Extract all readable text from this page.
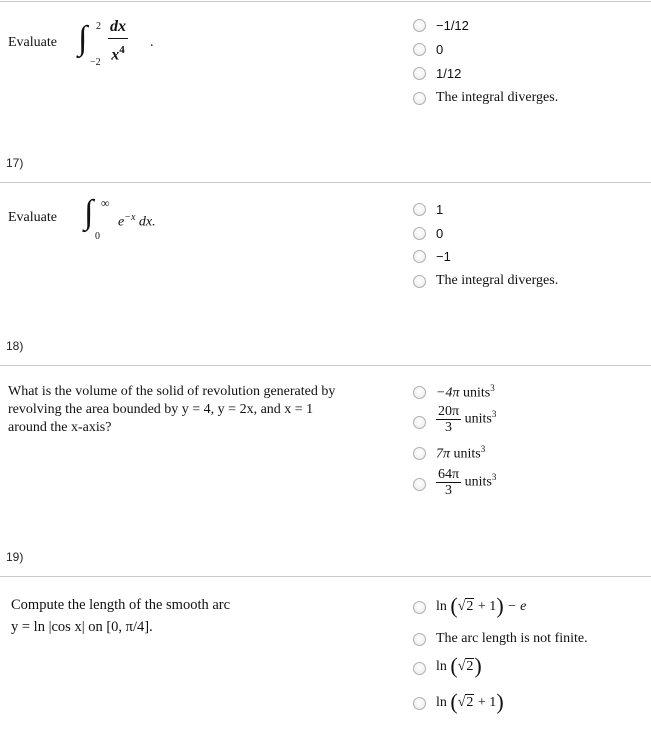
Evaluate ∫ 2
$-2 \frac{dx}{x^4}$ .
−1/12
0
1/12
The integral diverges.
17)
Evaluate ∫ ∞
0
$e^{-x}$ dx.
1
0
−1
The integral diverges.
18)
What is the volume of the solid of revolution generated by
revolving the area bounded by y = 4, y = 2x, and x = 1
around the x-axis?
−4π units$^3$
$\frac{20\pi}{3}$ units$^3$
7π units$^3$
$\frac{64\pi}{3}$ units$^3$
19)
Compute the length of the smooth arc
y = ln |cos x| on [0, π/4].
ln (√2 + 1) − e
The arc length is not finite.
ln (√2)
ln (√2 + 1)
